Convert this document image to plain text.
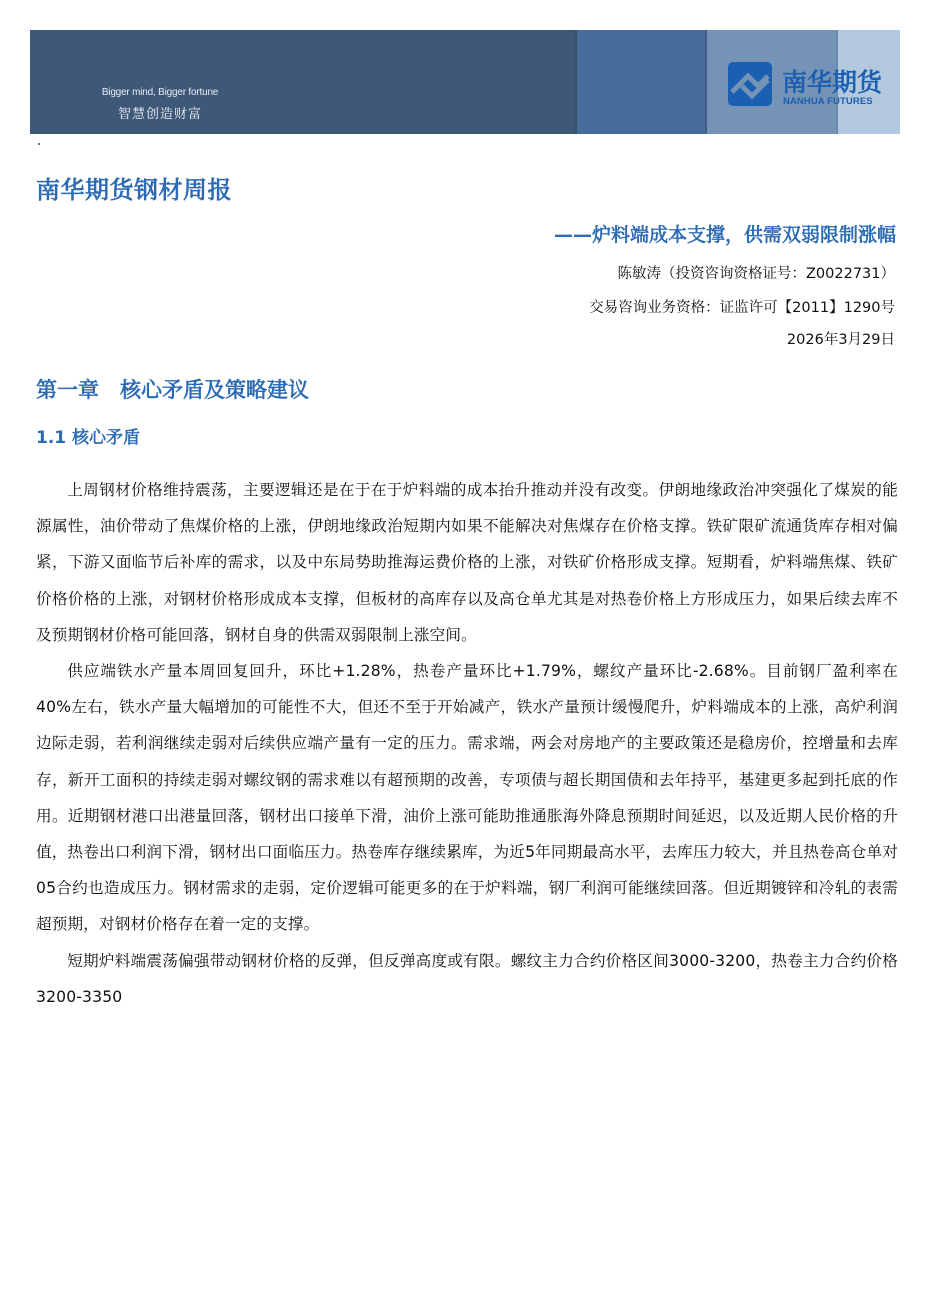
Bigger mind, Bigger fortune
智慧创造财富
南华期货
NANHUA FUTURES
南华期货钢材周报
——炉料端成本支撑，供需双弱限制涨幅
陈敏涛（投资咨询资格证号：Z0022731）
交易咨询业务资格：证监许可【2011】1290号
2026年3月29日
第一章　核心矛盾及策略建议
1.1 核心矛盾

上周钢材价格维持震荡，主要逻辑还是在于在于炉料端的成本抬升推动并没有改变。伊朗地缘政治冲突强化了煤炭的能源属性，油价带动了焦煤价格的上涨，伊朗地缘政治短期内如果不能解决对焦煤存在价格支撑。铁矿限矿流通货库存相对偏紧，下游又面临节后补库的需求，以及中东局势助推海运费价格的上涨，对铁矿价格形成支撑。短期看，炉料端焦煤、铁矿价格价格的上涨，对钢材价格形成成本支撑，但板材的高库存以及高仓单尤其是对热卷价格上方形成压力，如果后续去库不及预期钢材价格可能回落，钢材自身的供需双弱限制上涨空间。

供应端铁水产量本周回复回升，环比+1.28%，热卷产量环比+1.79%，螺纹产量环比-2.68%。目前钢厂盈利率在40%左右，铁水产量大幅增加的可能性不大，但还不至于开始减产，铁水产量预计缓慢爬升，炉料端成本的上涨，高炉利润边际走弱，若利润继续走弱对后续供应端产量有一定的压力。需求端，两会对房地产的主要政策还是稳房价，控增量和去库存，新开工面积的持续走弱对螺纹钢的需求难以有超预期的改善，专项债与超长期国债和去年持平，基建更多起到托底的作用。近期钢材港口出港量回落，钢材出口接单下滑，油价上涨可能助推通胀海外降息预期时间延迟，以及近期人民价格的升值，热卷出口利润下滑，钢材出口面临压力。热卷库存继续累库，为近5年同期最高水平，去库压力较大，并且热卷高仓单对05合约也造成压力。钢材需求的走弱，定价逻辑可能更多的在于炉料端，钢厂利润可能继续回落。但近期镀锌和冷轧的表需超预期，对钢材价格存在着一定的支撑。

短期炉料端震荡偏强带动钢材价格的反弹，但反弹高度或有限。螺纹主力合约价格区间3000-3200，热卷主力合约价格3200-3350
